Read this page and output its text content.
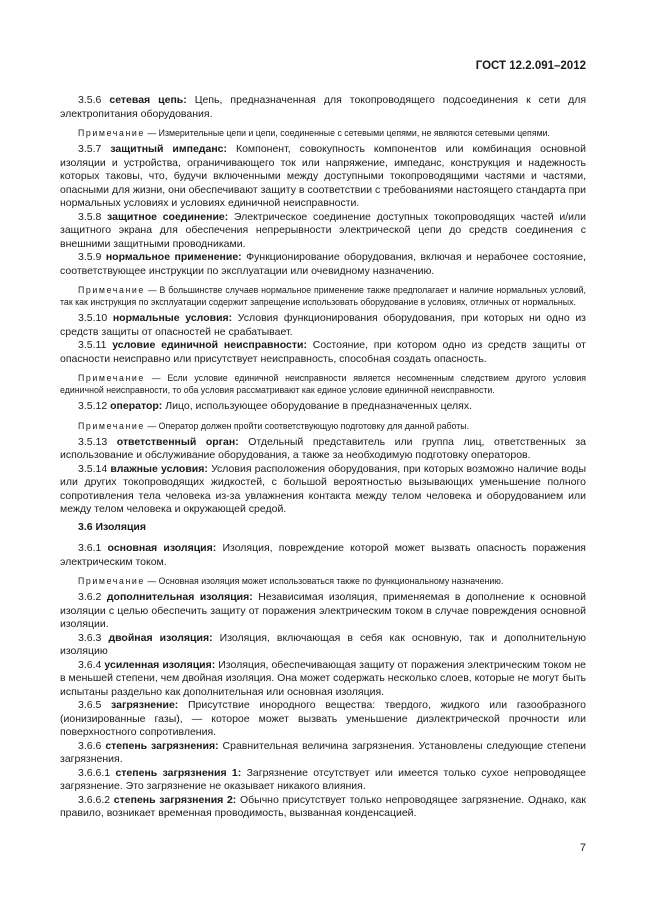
ГОСТ 12.2.091–2012

3.5.6 сетевая цепь: Цепь, предназначенная для токопроводящего подсоединения к сети для электропитания оборудования.

Примечание — Измерительные цепи и цепи, соединенные с сетевыми цепями, не являются сетевыми цепями.

3.5.7 защитный импеданс: Компонент, совокупность компонентов или комбинация основной изоляции и устройства, ограничивающего ток или напряжение, импеданс, конструкция и надежность которых таковы, что, будучи включенными между доступными токопроводящими частями и частями, опасными для жизни, они обеспечивают защиту в соответствии с требованиями настоящего стандарта при нормальных условиях и условиях единичной неисправности.

3.5.8 защитное соединение: Электрическое соединение доступных токопроводящих частей и/или защитного экрана для обеспечения непрерывности электрической цепи до средств соединения с внешними защитными проводниками.

3.5.9 нормальное применение: Функционирование оборудования, включая и нерабочее состояние, соответствующее инструкции по эксплуатации или очевидному назначению.

Примечание — В большинстве случаев нормальное применение также предполагает и наличие нормальных условий, так как инструкция по эксплуатации содержит запрещение использовать оборудование в условиях, отличных от нормальных.

3.5.10 нормальные условия: Условия функционирования оборудования, при которых ни одно из средств защиты от опасностей не срабатывает.

3.5.11 условие единичной неисправности: Состояние, при котором одно из средств защиты от опасности неисправно или присутствует неисправность, способная создать опасность.

Примечание — Если условие единичной неисправности является несомненным следствием другого условия единичной неисправности, то оба условия рассматривают как единое условие единичной неисправности.

3.5.12 оператор: Лицо, использующее оборудование в предназначенных целях.

Примечание — Оператор должен пройти соответствующую подготовку для данной работы.

3.5.13 ответственный орган: Отдельный представитель или группа лиц, ответственных за использование и обслуживание оборудования, а также за необходимую подготовку операторов.

3.5.14 влажные условия: Условия расположения оборудования, при которых возможно наличие воды или других токопроводящих жидкостей, с большой вероятностью вызывающих уменьшение полного сопротивления тела человека из-за увлажнения контакта между телом человека и оборудованием или между телом человека и окружающей средой.

3.6 Изоляция

3.6.1 основная изоляция: Изоляция, повреждение которой может вызвать опасность поражения электрическим током.

Примечание — Основная изоляция может использоваться также по функциональному назначению.

3.6.2 дополнительная изоляция: Независимая изоляция, применяемая в дополнение к основной изоляции с целью обеспечить защиту от поражения электрическим током в случае повреждения основной изоляции.

3.6.3 двойная изоляция: Изоляция, включающая в себя как основную, так и дополнительную изоляцию

3.6.4 усиленная изоляция: Изоляция, обеспечивающая защиту от поражения электрическим током не в меньшей степени, чем двойная изоляция. Она может содержать несколько слоев, которые не могут быть испытаны раздельно как дополнительная или основная изоляция.

3.6.5 загрязнение: Присутствие инородного вещества: твердого, жидкого или газообразного (ионизированные газы), — которое может вызвать уменьшение диэлектрической прочности или поверхностного сопротивления.

3.6.6 степень загрязнения: Сравнительная величина загрязнения. Установлены следующие степени загрязнения.

3.6.6.1 степень загрязнения 1: Загрязнение отсутствует или имеется только сухое непроводящее загрязнение. Это загрязнение не оказывает никакого влияния.

3.6.6.2 степень загрязнения 2: Обычно присутствует только непроводящее загрязнение. Однако, как правило, возникает временная проводимость, вызванная конденсацией.

7
